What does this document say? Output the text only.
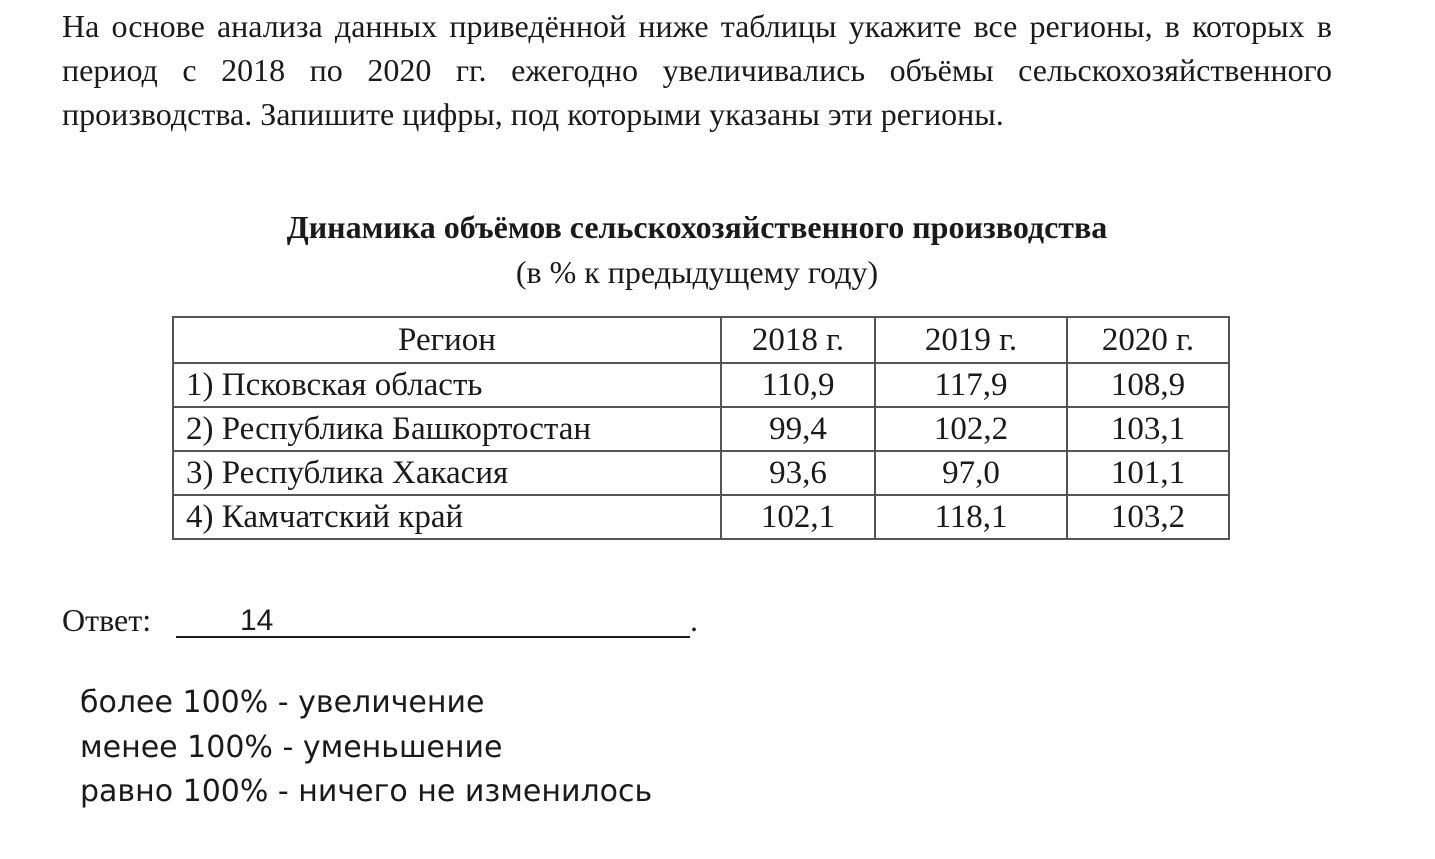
На основе анализа данных приведённой ниже таблицы укажите все регионы, в которых в период с 2018 по 2020 гг. ежегодно увеличивались объёмы сельскохозяйственного производства. Запишите цифры, под которыми указаны эти регионы.

Динамика объёмов сельскохозяйственного производства
(в % к предыдущему году)
Регион	2018 г.	2019 г.	2020 г.
1) Псковская область	110,9	117,9	108,9
2) Республика Башкортостан	99,4	102,2	103,1
3) Республика Хакасия	93,6	97,0	101,1
4) Камчатский край	102,1	118,1	103,2
Ответ:	14	.
более 100% - увеличение
менее 100% - уменьшение
равно 100% - ничего не изменилось
